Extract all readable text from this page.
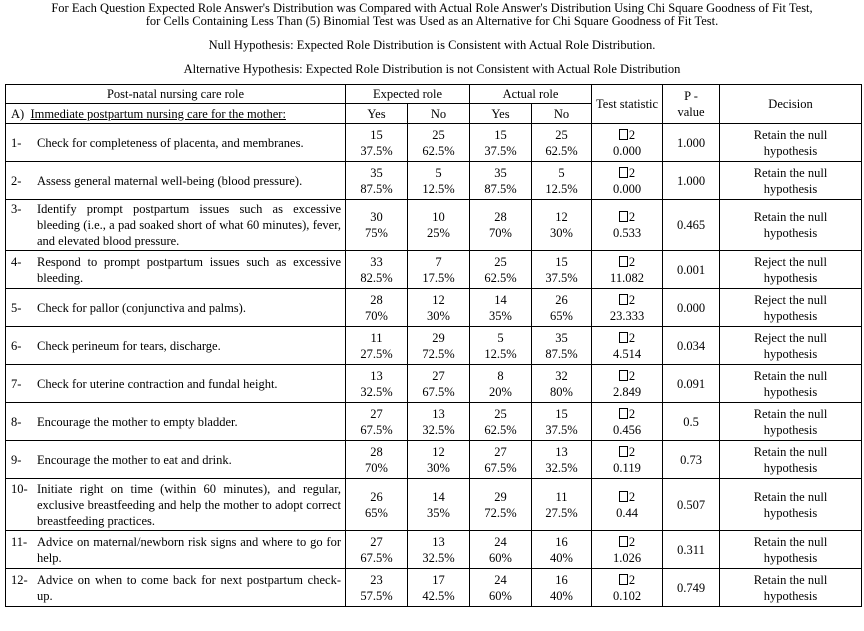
For Each Question Expected Role Answer's Distribution was Compared with Actual Role Answer's Distribution Using Chi Square Goodness of Fit Test,
for Cells Containing Less Than (5) Binomial Test was Used as an Alternative for Chi Square Goodness of Fit Test.
Null Hypothesis: Expected Role Distribution is Consistent with Actual Role Distribution.
Alternative Hypothesis: Expected Role Distribution is not Consistent with Actual Role Distribution
Post-natal nursing care role	Expected role		Actual role		Test statistic	P -
value	Decision

A) Immediate postpartum nursing care for the mother:	Yes	No	Yes	No			

1- Check for completeness of placenta, and membranes.	15
37.5%	25
62.5%	15
37.5%	25
62.5%	2
0.000	1.000	Retain the null
hypothesis

2- Assess general maternal well-being (blood pressure).	35
87.5%	5
12.5%	35
87.5%	5
12.5%	2
0.000	1.000	Retain the null
hypothesis

3- Identify prompt postpartum issues such as excessive bleeding (i.e., a pad soaked short of what 60 minutes), fever, and elevated blood pressure.	30
75%	10
25%	28
70%	12
30%	2
0.533	0.465	Retain the null
hypothesis

4- Respond to prompt postpartum issues such as excessive bleeding.	33
82.5%	7
17.5%	25
62.5%	15
37.5%	2
11.082	0.001	Reject the null
hypothesis

5- Check for pallor (conjunctiva and palms).	28
70%	12
30%	14
35%	26
65%	2
23.333	0.000	Reject the null
hypothesis

6- Check perineum for tears, discharge.	11
27.5%	29
72.5%	5
12.5%	35
87.5%	2
4.514	0.034	Reject the null
hypothesis

7- Check for uterine contraction and fundal height.	13
32.5%	27
67.5%	8
20%	32
80%	2
2.849	0.091	Retain the null
hypothesis

8- Encourage the mother to empty bladder.	27
67.5%	13
32.5%	25
62.5%	15
37.5%	2
0.456	0.5	Retain the null
hypothesis

9- Encourage the mother to eat and drink.	28
70%	12
30%	27
67.5%	13
32.5%	2
0.119	0.73	Retain the null
hypothesis

10- Initiate right on time (within 60 minutes), and regular, exclusive breastfeeding and help the mother to adopt correct breastfeeding practices.	26
65%	14
35%	29
72.5%	11
27.5%	2
0.44	0.507	Retain the null
hypothesis

11- Advice on maternal/newborn risk signs and where to go for help.	27
67.5%	13
32.5%	24
60%	16
40%	2
1.026	0.311	Retain the null
hypothesis

12- Advice on when to come back for next postpartum check-up.	23
57.5%	17
42.5%	24
60%	16
40%	2
0.102	0.749	Retain the null
hypothesis
